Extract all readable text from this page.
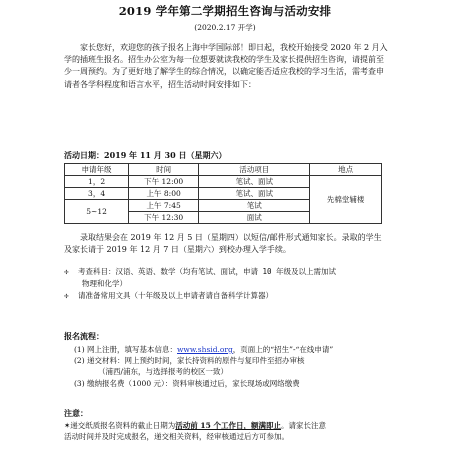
2019 学年第二学期招生咨询与活动安排
(2020.2.17 开学)
家长您好，欢迎您的孩子报名上海中学国际部！即日起，我校开始接受 2020 年 2 月入学的插班生报名。招生办公室为每一位想要就读我校的学生及家长提供招生咨询，请提前至少一周预约。为了更好地了解学生的综合情况，以确定能否适应我校的学习生活，需考查申请者各学科程度和语言水平，招生活动时间安排如下：
活动日期：2019 年 11 月 30 日（星期六）
申请年级	时间	活动项目	地点
1，2	下午 12:00	笔试、面试	先棉堂辅楼
3，4	上午 8:00	笔试、面试	
5~12	上午 7:45	笔试	
	下午 12:30	面试	
录取结果会在 2019 年 12 月 5 日（星期四）以短信/邮件形式通知家长。录取的学生及家长请于 2019 年 12 月 7 日（星期六）到校办理入学手续。
✢	考查科目：汉语、英语、数学（均有笔试、面试，申请 10 年级及以上需加试
物理和化学）
✢	请准备常用文具（十年级及以上申请者请自备科学计算器）
报名流程：
(1) 网上注册，填写基本信息：www.shsid.org，页面上的“招生”-“在线申请”
(2) 递交材料：网上预约时间，家长持资料的原件与复印件至招办审核
（浦西/浦东，与选择报考的校区一致）
(3) 缴纳报名费（1000 元）：资料审核通过后，家长现场或网络缴费
注意：
✶递交纸质报名资料的截止日期为活动前 15 个工作日，额满即止。请家长注意
活动时间并及时完成报名，递交相关资料，经审核通过后方可参加。
